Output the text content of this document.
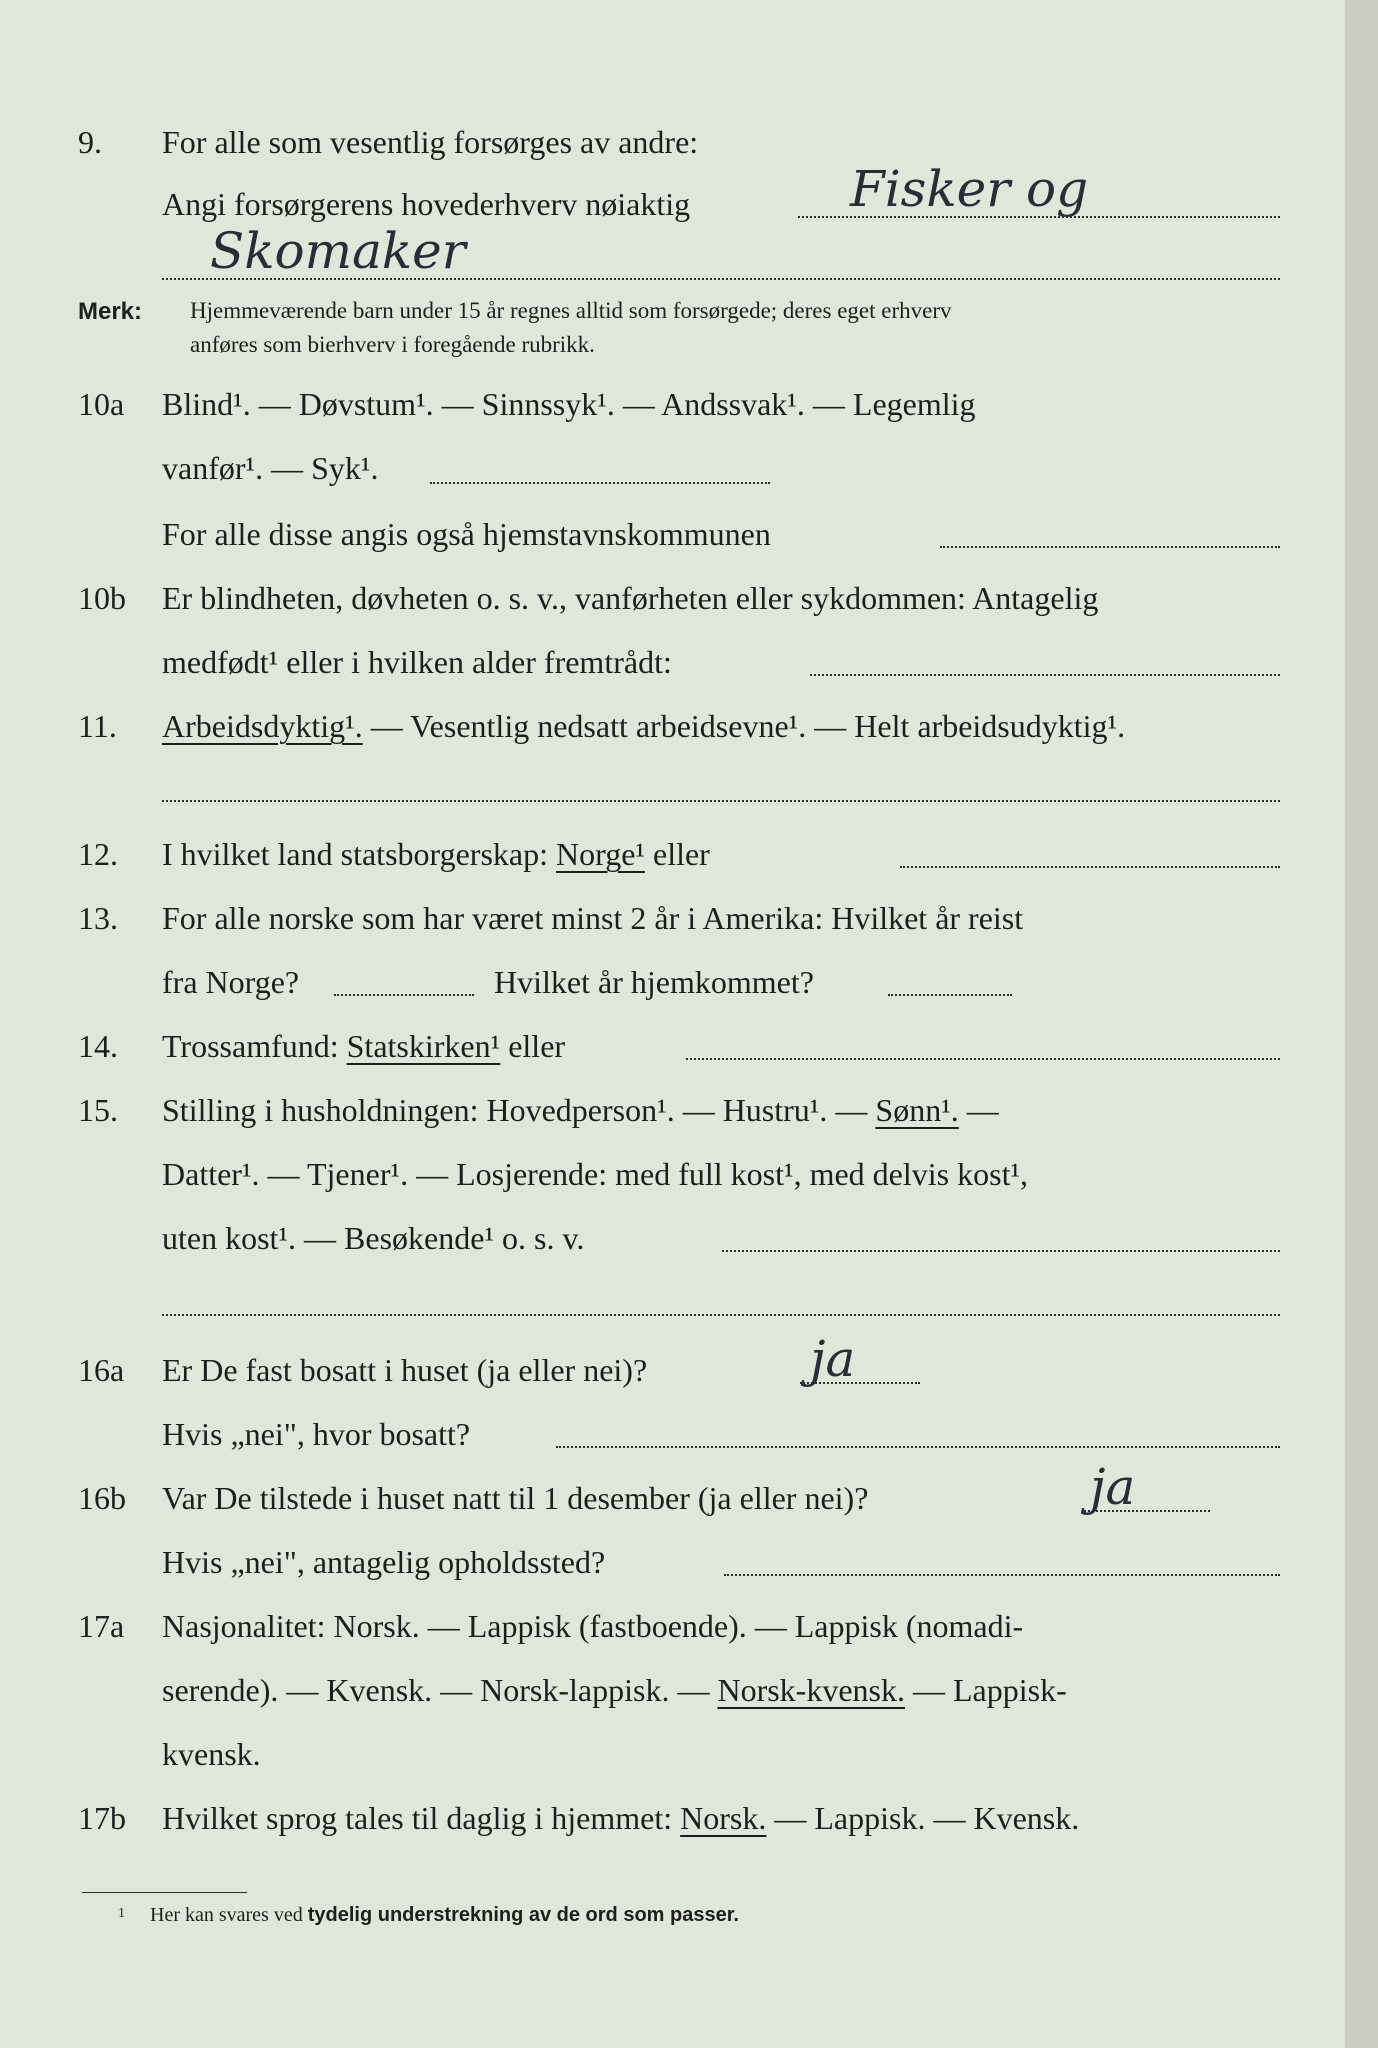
9. For alle som vesentlig forsørges av andre:
Angi forsørgerens hovederhverv nøiaktig	Fisker og
Skomaker
Merk: Hjemmeværende barn under 15 år regnes alltid som forsørgede; deres eget erhverv
anføres som bierhverv i foregående rubrikk.
10a Blind¹. — Døvstum¹. — Sinnssyk¹. — Andssvak¹. — Legemlig
vanfør¹. — Syk¹.
For alle disse angis også hjemstavnskommunen
10b Er blindheten, døvheten o. s. v., vanførheten eller sykdommen: Antagelig
medfødt¹ eller i hvilken alder fremtrådt:
11. Arbeidsdyktig¹. — Vesentlig nedsatt arbeidsevne¹. — Helt arbeidsudyktig¹.
12. I hvilket land statsborgerskap: Norge¹ eller
13. For alle norske som har været minst 2 år i Amerika: Hvilket år reist
fra Norge?	Hvilket år hjemkommet?
14. Trossamfund: Statskirken¹ eller
15. Stilling i husholdningen: Hovedperson¹. — Hustru¹. — Sønn¹. —
Datter¹. — Tjener¹. — Losjerende: med full kost¹, med delvis kost¹,
uten kost¹. — Besøkende¹ o. s. v.
16a Er De fast bosatt i huset (ja eller nei)?	ja
Hvis „nei", hvor bosatt?
16b Var De tilstede i huset natt til 1 desember (ja eller nei)?	ja
Hvis „nei", antagelig opholdssted?
17a Nasjonalitet: Norsk. — Lappisk (fastboende). — Lappisk (nomadi-
serende). — Kvensk. — Norsk-lappisk. — Norsk-kvensk. — Lappisk-
kvensk.
17b Hvilket sprog tales til daglig i hjemmet: Norsk. — Lappisk. — Kvensk.
1 Her kan svares ved tydelig understrekning av de ord som passer.
